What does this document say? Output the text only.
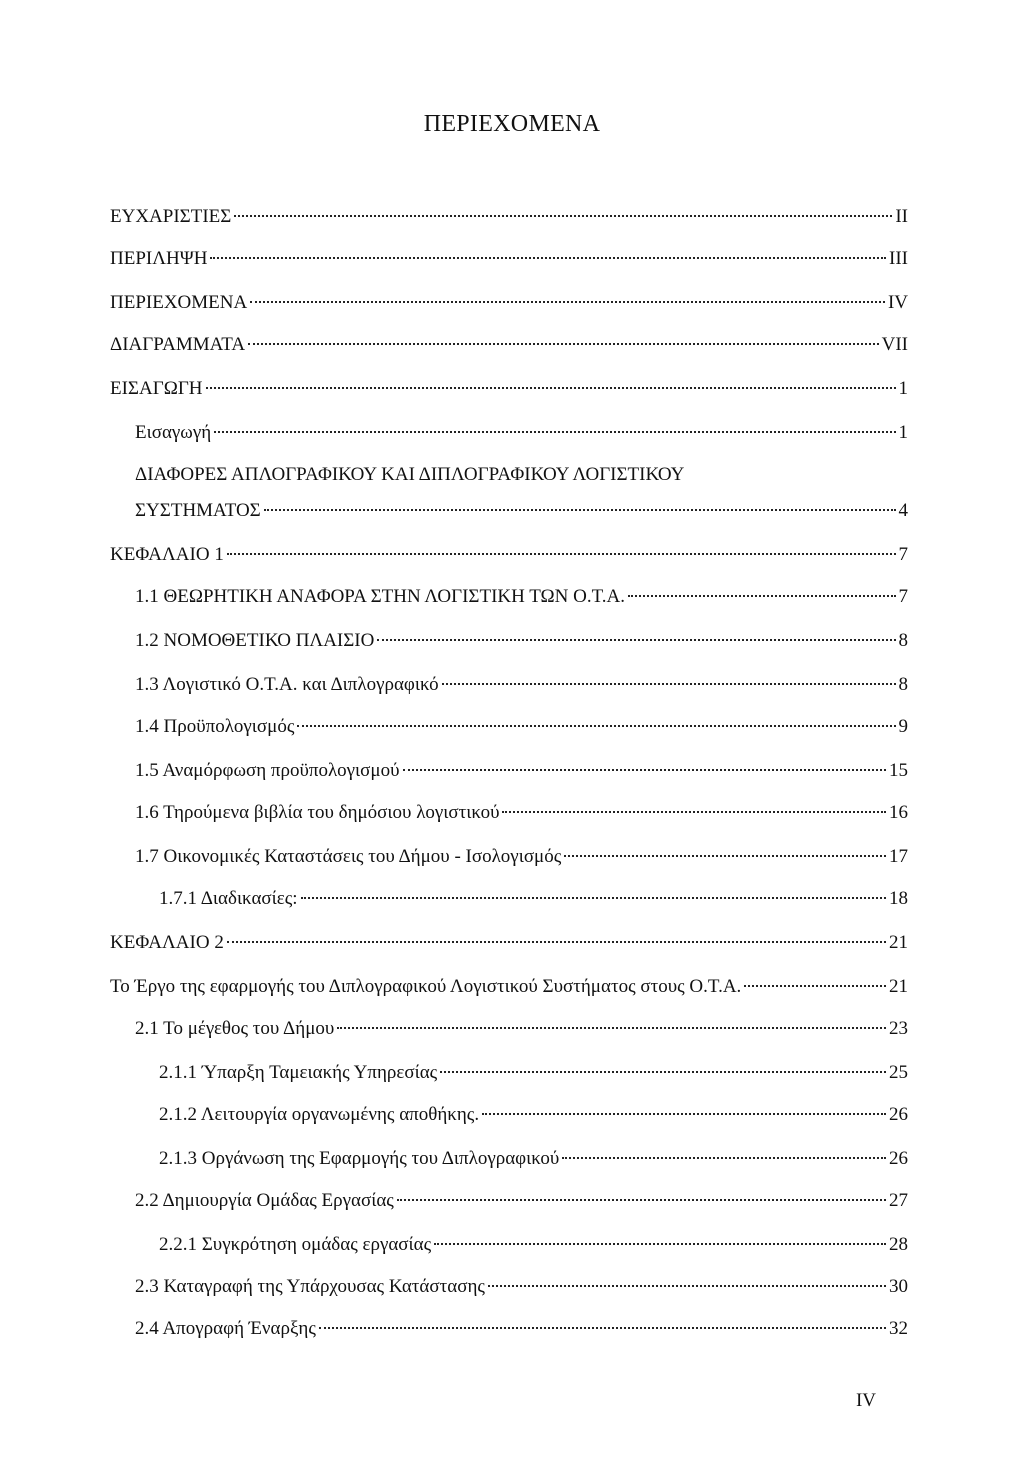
ΠΕΡΙΕΧΟΜΕΝΑ
ΕΥΧΑΡΙΣΤΙΕΣ	II
ΠΕΡΙΛΗΨΗ	III
ΠΕΡΙΕΧΟΜΕΝΑ	IV
ΔΙΑΓΡΑΜΜΑΤΑ	VII
ΕΙΣΑΓΩΓΗ	1
Εισαγωγή	1
ΔΙΑΦΟΡΕΣ ΑΠΛΟΓΡΑΦΙΚΟΥ ΚΑΙ ΔΙΠΛΟΓΡΑΦΙΚΟΥ ΛΟΓΙΣΤΙΚΟΥ
ΣΥΣΤΗΜΑΤΟΣ	4
ΚΕΦΑΛΑΙΟ 1	7
1.1 ΘΕΩΡΗΤΙΚΗ ΑΝΑΦΟΡΑ ΣΤΗΝ ΛΟΓΙΣΤΙΚΗ ΤΩΝ Ο.Τ.Α.	7
1.2 ΝΟΜΟΘΕΤΙΚΟ ΠΛΑΙΣΙΟ	8
1.3 Λογιστικό Ο.Τ.Α. και Διπλογραφικό	8
1.4 Προϋπολογισμός	9
1.5 Αναμόρφωση προϋπολογισμού	15
1.6 Τηρούμενα βιβλία του δημόσιου λογιστικού	16
1.7 Οικονομικές Καταστάσεις του Δήμου - Ισολογισμός	17
1.7.1 Διαδικασίες:	18
ΚΕΦΑΛΑΙΟ 2	21
Το Έργο της εφαρμογής του Διπλογραφικού Λογιστικού Συστήματος στους Ο.Τ.Α.	21
2.1 Το μέγεθος του Δήμου	23
2.1.1 Ύπαρξη Ταμειακής Υπηρεσίας	25
2.1.2 Λειτουργία οργανωμένης αποθήκης.	26
2.1.3 Οργάνωση της Εφαρμογής του Διπλογραφικού	26
2.2 Δημιουργία Ομάδας Εργασίας	27
2.2.1 Συγκρότηση ομάδας εργασίας	28
2.3 Καταγραφή της Υπάρχουσας Κατάστασης	30
2.4 Απογραφή Έναρξης	32
IV
